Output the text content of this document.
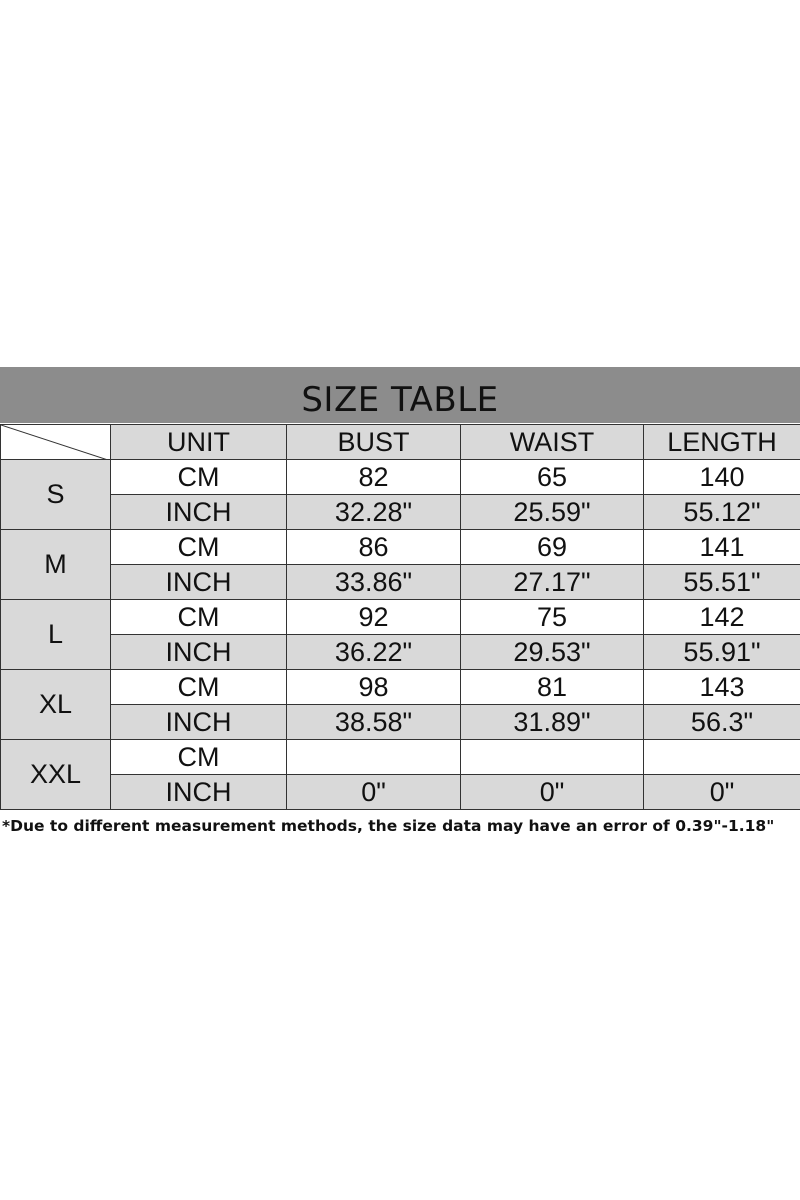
SIZE TABLE
	UNIT	BUST	WAIST	LENGTH
S	CM	82	65	140
	INCH	32.28"	25.59"	55.12"
M	CM	86	69	141
	INCH	33.86"	27.17"	55.51"
L	CM	92	75	142
	INCH	36.22"	29.53"	55.91"
XL	CM	98	81	143
	INCH	38.58"	31.89"	56.3"
XXL	CM			
	INCH	0"	0"	0"
*Due to different measurement methods, the size data may have an error of 0.39"-1.18"
